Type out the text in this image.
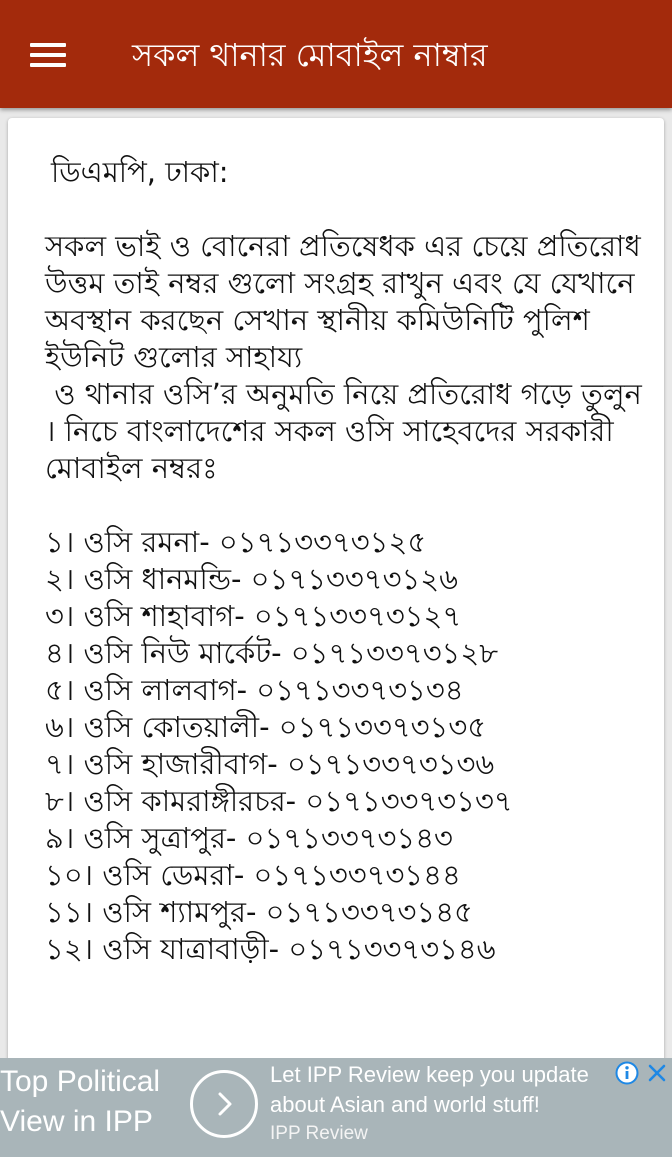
সকল থানার মোবাইল নাম্বার

ডিএমপি, ঢাকা:

সকল ভাই ও বোনেরা প্রতিষেধক এর চেয়ে প্রতিরোধ উত্তম তাই নম্বর গুলো সংগ্রহ রাখুন এবং যে যেখানে অবস্থান করছেন সেখান স্থানীয় কমিউনিটি পুলিশ ইউনিট গুলোর সাহায্য
ও থানার ওসি’র অনুমতি নিয়ে প্রতিরোধ গড়ে তুলুন । নিচে বাংলাদেশের সকল ওসি সাহেবদের সরকারী মোবাইল নম্বরঃ

১। ওসি রমনা- ০১৭১৩৩৭৩১২৫

২। ওসি ধানমন্ডি- ০১৭১৩৩৭৩১২৬

৩। ওসি শাহাবাগ- ০১৭১৩৩৭৩১২৭

৪। ওসি নিউ মার্কেট- ০১৭১৩৩৭৩১২৮

৫। ওসি লালবাগ- ০১৭১৩৩৭৩১৩৪

৬। ওসি কোতয়ালী- ০১৭১৩৩৭৩১৩৫

৭। ওসি হাজারীবাগ- ০১৭১৩৩৭৩১৩৬

৮। ওসি কামরাঙ্গীরচর- ০১৭১৩৩৭৩১৩৭

৯। ওসি সুত্রাপুর- ০১৭১৩৩৭৩১৪৩

১০। ওসি ডেমরা- ০১৭১৩৩৭৩১৪৪

১১। ওসি শ্যামপুর- ০১৭১৩৩৭৩১৪৫

১২। ওসি যাত্রাবাড়ী- ০১৭১৩৩৭৩১৪৬

Top Political

View in IPP

Let IPP Review keep you update
about Asian and world stuff!

IPP Review
